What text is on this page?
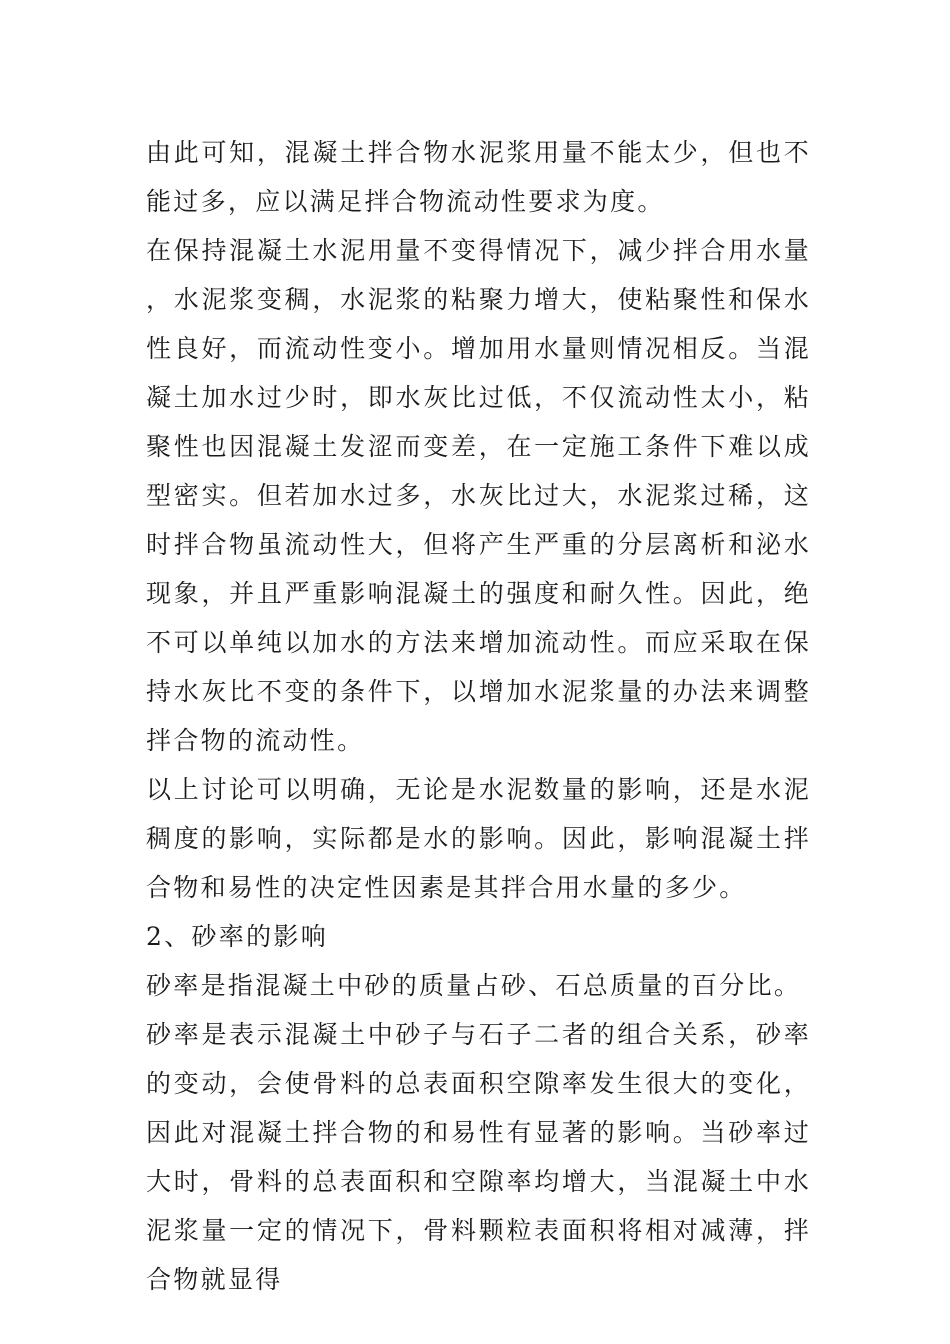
由此可知，混凝土拌合物水泥浆用量不能太少，但也不能过多，应以满足拌合物流动性要求为度。

在保持混凝土水泥用量不变得情况下，减少拌合用水量，水泥浆变稠，水泥浆的粘聚力增大，使粘聚性和保水性良好，而流动性变小。增加用水量则情况相反。当混凝土加水过少时，即水灰比过低，不仅流动性太小，粘聚性也因混凝土发涩而变差，在一定施工条件下难以成型密实。但若加水过多，水灰比过大，水泥浆过稀，这时拌合物虽流动性大，但将产生严重的分层离析和泌水现象，并且严重影响混凝土的强度和耐久性。因此，绝不可以单纯以加水的方法来增加流动性。而应采取在保持水灰比不变的条件下，以增加水泥浆量的办法来调整拌合物的流动性。

以上讨论可以明确，无论是水泥数量的影响，还是水泥稠度的影响，实际都是水的影响。因此，影响混凝土拌合物和易性的决定性因素是其拌合用水量的多少。

2、砂率的影响

砂率是指混凝土中砂的质量占砂、石总质量的百分比。

砂率是表示混凝土中砂子与石子二者的组合关系，砂率的变动，会使骨料的总表面积空隙率发生很大的变化，因此对混凝土拌合物的和易性有显著的影响。当砂率过大时，骨料的总表面积和空隙率均增大，当混凝土中水泥浆量一定的情况下，骨料颗粒表面积将相对减薄，拌合物就显得
